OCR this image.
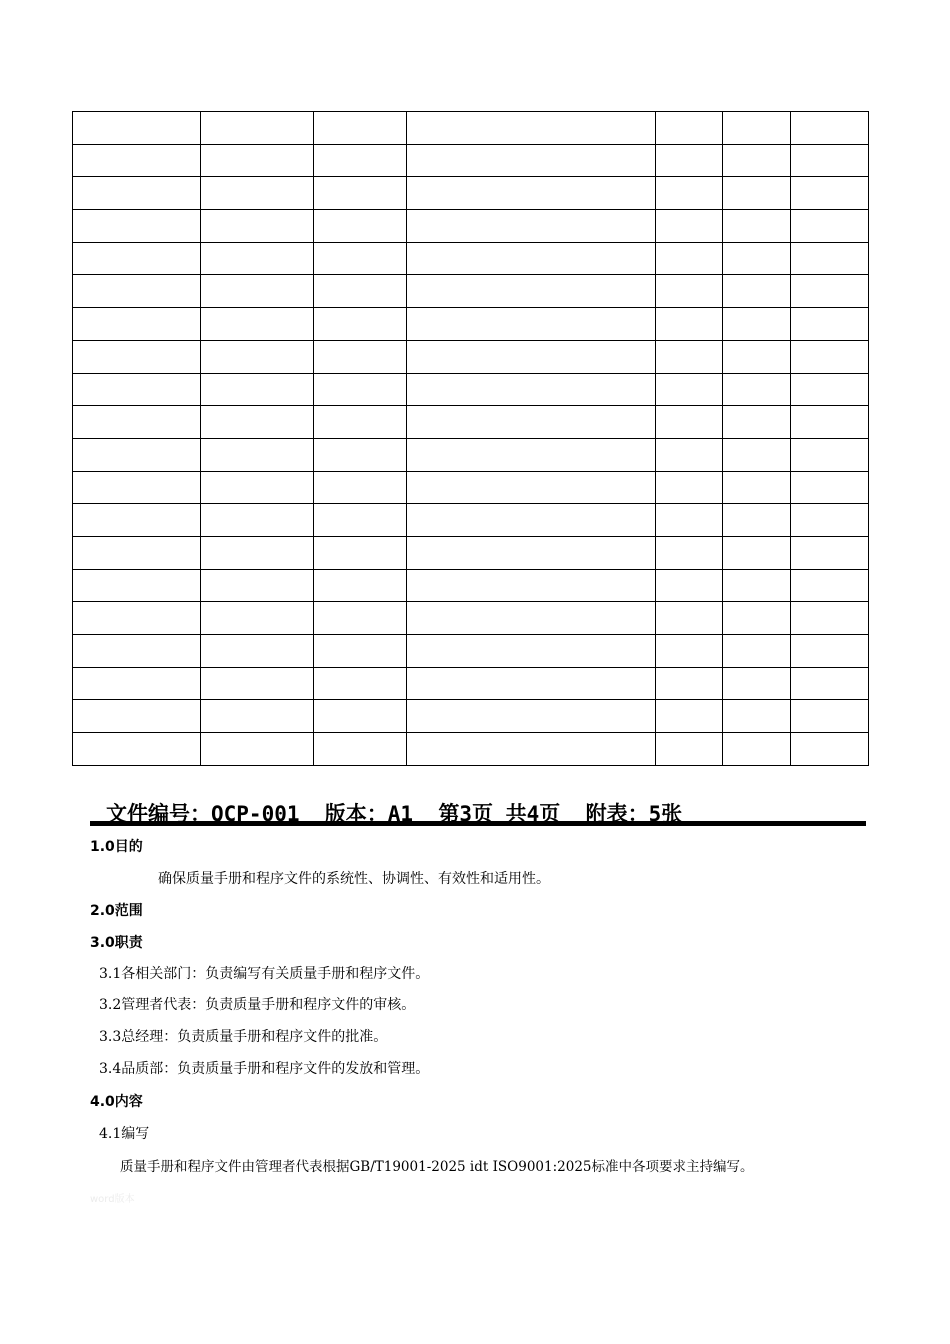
文件编号：QCP-001  版本：A1  第3页 共4页  附表：5张
1.0目的
确保质量手册和程序文件的系统性、协调性、有效性和适用性。
2.0范围
3.0职责
3.1各相关部门：负责编写有关质量手册和程序文件。
3.2管理者代表：负责质量手册和程序文件的审核。
3.3总经理：负责质量手册和程序文件的批准。
3.4品质部：负责质量手册和程序文件的发放和管理。
4.0内容
4.1编写
质量手册和程序文件由管理者代表根据GB/T19001-2025 idt ISO9001:2025标准中各项要求主持编写。
word版本
